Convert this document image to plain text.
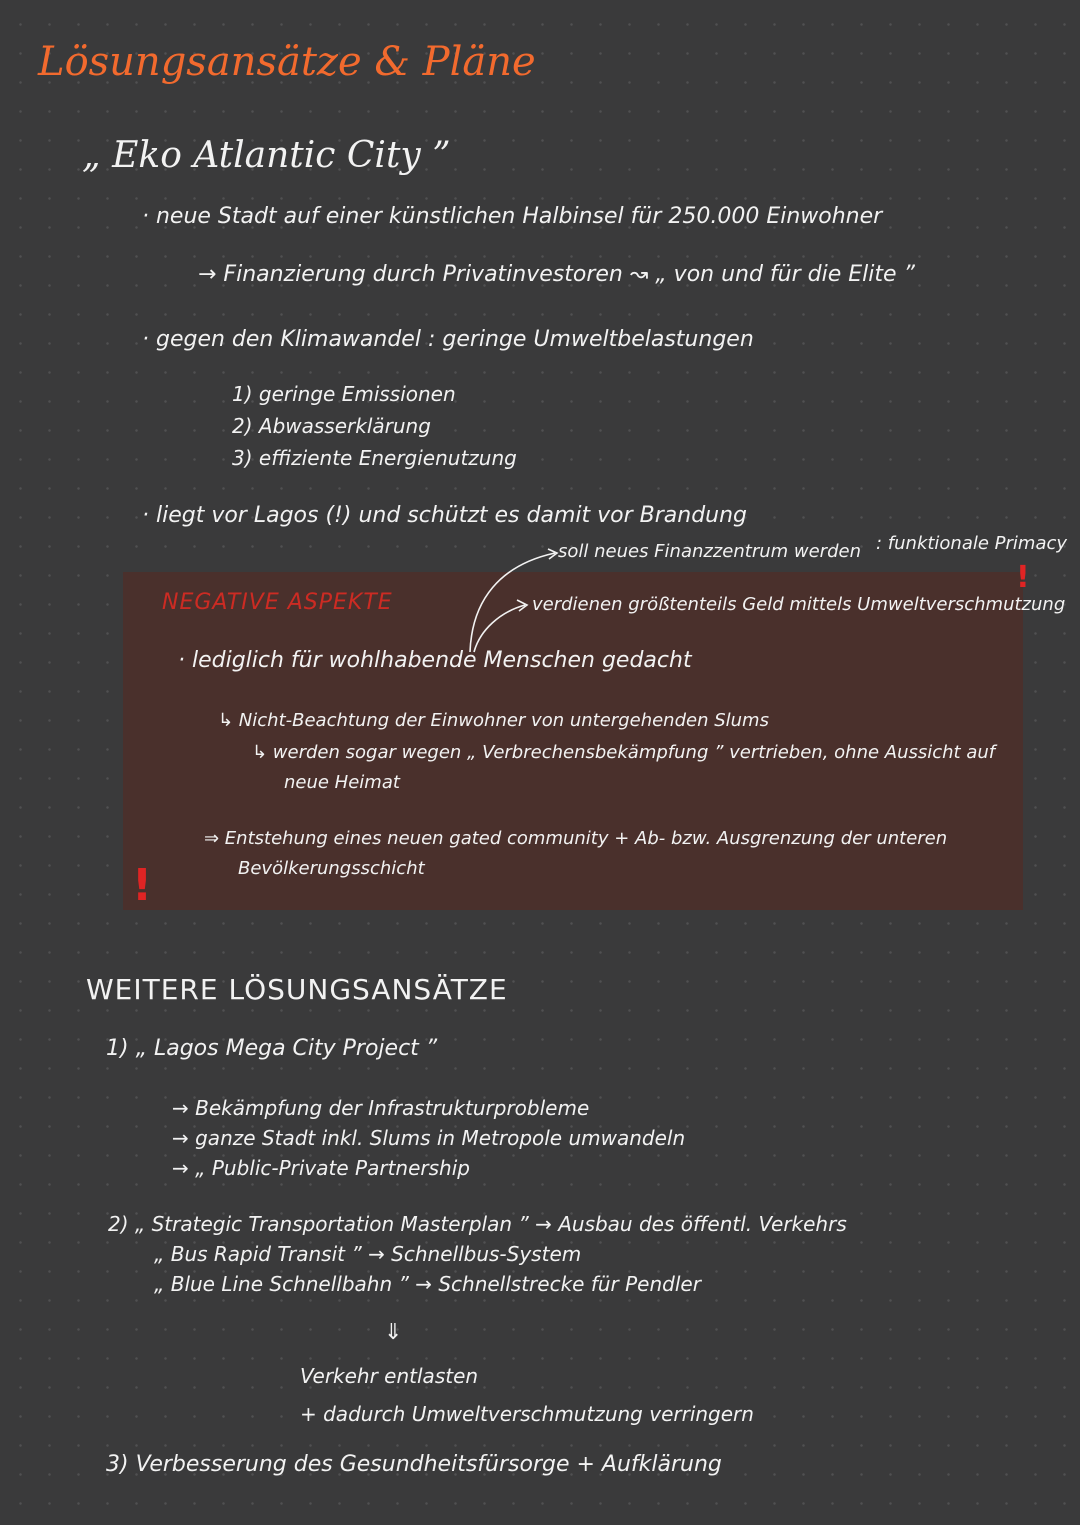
Lösungsansätze & Pläne
„ Eko Atlantic City ”
· neue Stadt auf einer künstlichen Halbinsel für 250.000 Einwohner
→ Finanzierung durch Privatinvestoren ↝ „ von und für die Elite ”
· gegen den Klimawandel : geringe Umweltbelastungen
1) geringe Emissionen
2) Abwasserklärung
3) effiziente Energienutzung
· liegt vor Lagos (!) und schützt es damit vor Brandung
soll neues Finanzzentrum werden : funktionale Primacy
NEGATIVE ASPEKTE	verdienen größtenteils Geld mittels Umweltverschmutzung
!
!
· lediglich für wohlhabende Menschen gedacht
↳ Nicht-Beachtung der Einwohner von untergehenden Slums
↳ werden sogar wegen „ Verbrechensbekämpfung ” vertrieben, ohne Aussicht auf
neue Heimat
⇒ Entstehung eines neuen gated community + Ab- bzw. Ausgrenzung der unteren
Bevölkerungsschicht
WEITERE LÖSUNGSANSÄTZE
1) „ Lagos Mega City Project ”
→ Bekämpfung der Infrastrukturprobleme
→ ganze Stadt inkl. Slums in Metropole umwandeln
→ „ Public-Private Partnership
2) „ Strategic Transportation Masterplan ” → Ausbau des öffentl. Verkehrs
„ Bus Rapid Transit ” → Schnellbus-System
„ Blue Line Schnellbahn ” → Schnellstrecke für Pendler
⇓
Verkehr entlasten
+ dadurch Umweltverschmutzung verringern
3) Verbesserung des Gesundheitsfürsorge + Aufklärung
